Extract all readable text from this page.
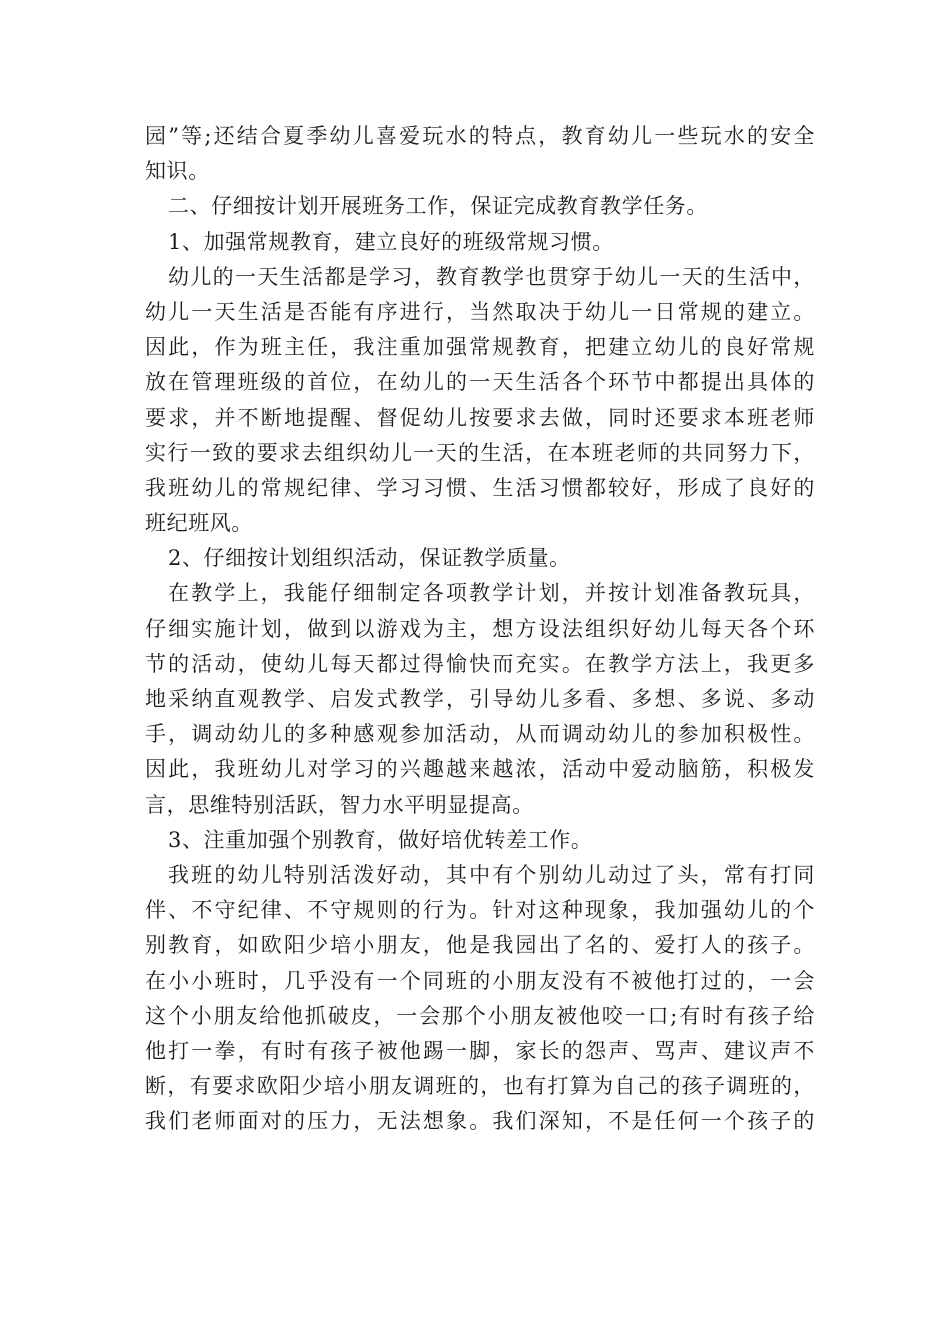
园”等;还结合夏季幼儿喜爱玩水的特点，教育幼儿一些玩水的安全
知识。
二、仔细按计划开展班务工作，保证完成教育教学任务。
1、加强常规教育，建立良好的班级常规习惯。
幼儿的一天生活都是学习，教育教学也贯穿于幼儿一天的生活中，
幼儿一天生活是否能有序进行，当然取决于幼儿一日常规的建立。
因此，作为班主任，我注重加强常规教育，把建立幼儿的良好常规
放在管理班级的首位，在幼儿的一天生活各个环节中都提出具体的
要求，并不断地提醒、督促幼儿按要求去做，同时还要求本班老师
实行一致的要求去组织幼儿一天的生活，在本班老师的共同努力下，
我班幼儿的常规纪律、学习习惯、生活习惯都较好，形成了良好的
班纪班风。
2、仔细按计划组织活动，保证教学质量。
在教学上，我能仔细制定各项教学计划，并按计划准备教玩具，
仔细实施计划，做到以游戏为主，想方设法组织好幼儿每天各个环
节的活动，使幼儿每天都过得愉快而充实。在教学方法上，我更多
地采纳直观教学、启发式教学，引导幼儿多看、多想、多说、多动
手，调动幼儿的多种感观参加活动，从而调动幼儿的参加积极性。
因此，我班幼儿对学习的兴趣越来越浓，活动中爱动脑筋，积极发
言，思维特别活跃，智力水平明显提高。
3、注重加强个别教育，做好培优转差工作。
我班的幼儿特别活泼好动，其中有个别幼儿动过了头，常有打同
伴、不守纪律、不守规则的行为。针对这种现象，我加强幼儿的个
别教育，如欧阳少培小朋友，他是我园出了名的、爱打人的孩子。
在小小班时，几乎没有一个同班的小朋友没有不被他打过的，一会
这个小朋友给他抓破皮，一会那个小朋友被他咬一口;有时有孩子给
他打一拳，有时有孩子被他踢一脚，家长的怨声、骂声、建议声不
断，有要求欧阳少培小朋友调班的，也有打算为自己的孩子调班的，
我们老师面对的压力，无法想象。我们深知，不是任何一个孩子的
